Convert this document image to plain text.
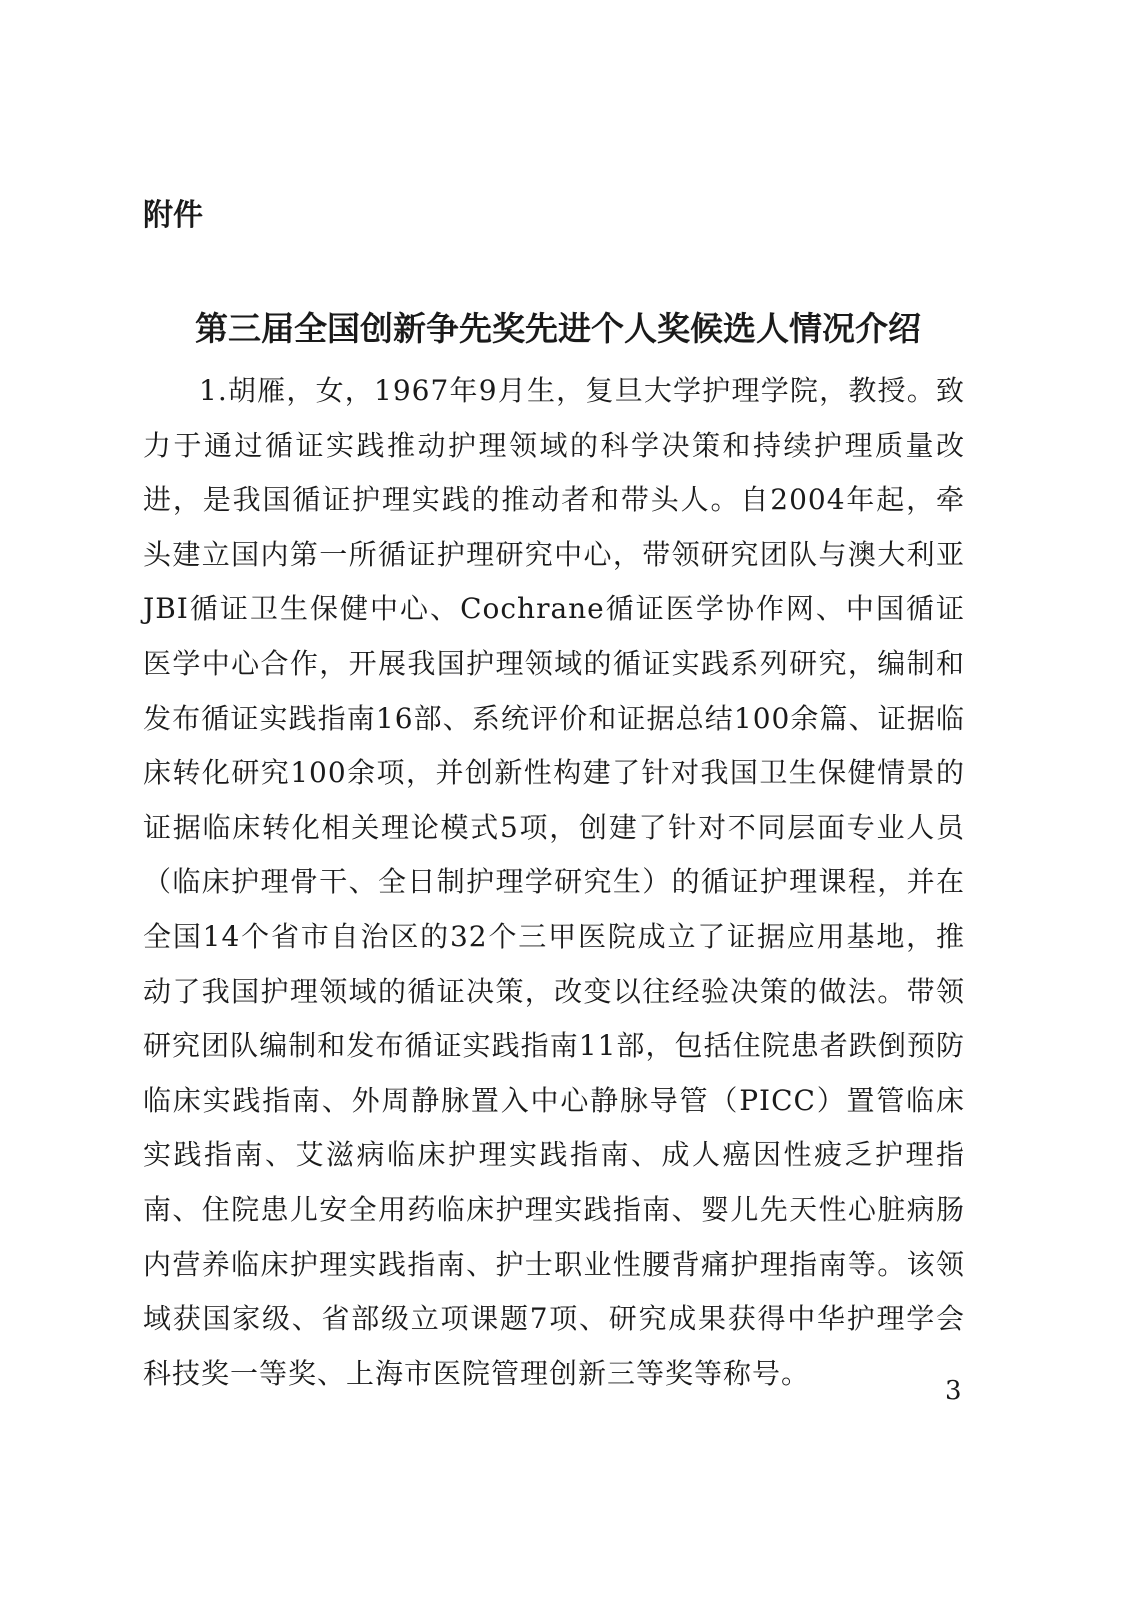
附件
第三届全国创新争先奖先进个人奖候选人情况介绍

1.胡雁，女，1967年9月生，复旦大学护理学院，教授。致力于通过循证实践推动护理领域的科学决策和持续护理质量改进，是我国循证护理实践的推动者和带头人。自2004年起，牵头建立国内第一所循证护理研究中心，带领研究团队与澳大利亚JBI循证卫生保健中心、Cochrane循证医学协作网、中国循证医学中心合作，开展我国护理领域的循证实践系列研究，编制和发布循证实践指南16部、系统评价和证据总结100余篇、证据临床转化研究100余项，并创新性构建了针对我国卫生保健情景的证据临床转化相关理论模式5项，创建了针对不同层面专业人员（临床护理骨干、全日制护理学研究生）的循证护理课程，并在全国14个省市自治区的32个三甲医院成立了证据应用基地，推动了我国护理领域的循证决策，改变以往经验决策的做法。带领研究团队编制和发布循证实践指南11部，包括住院患者跌倒预防临床实践指南、外周静脉置入中心静脉导管（PICC）置管临床实践指南、艾滋病临床护理实践指南、成人癌因性疲乏护理指南、住院患儿安全用药临床护理实践指南、婴儿先天性心脏病肠内营养临床护理实践指南、护士职业性腰背痛护理指南等。该领域获国家级、省部级立项课题7项、研究成果获得中华护理学会科技奖一等奖、上海市医院管理创新三等奖等称号。

3
